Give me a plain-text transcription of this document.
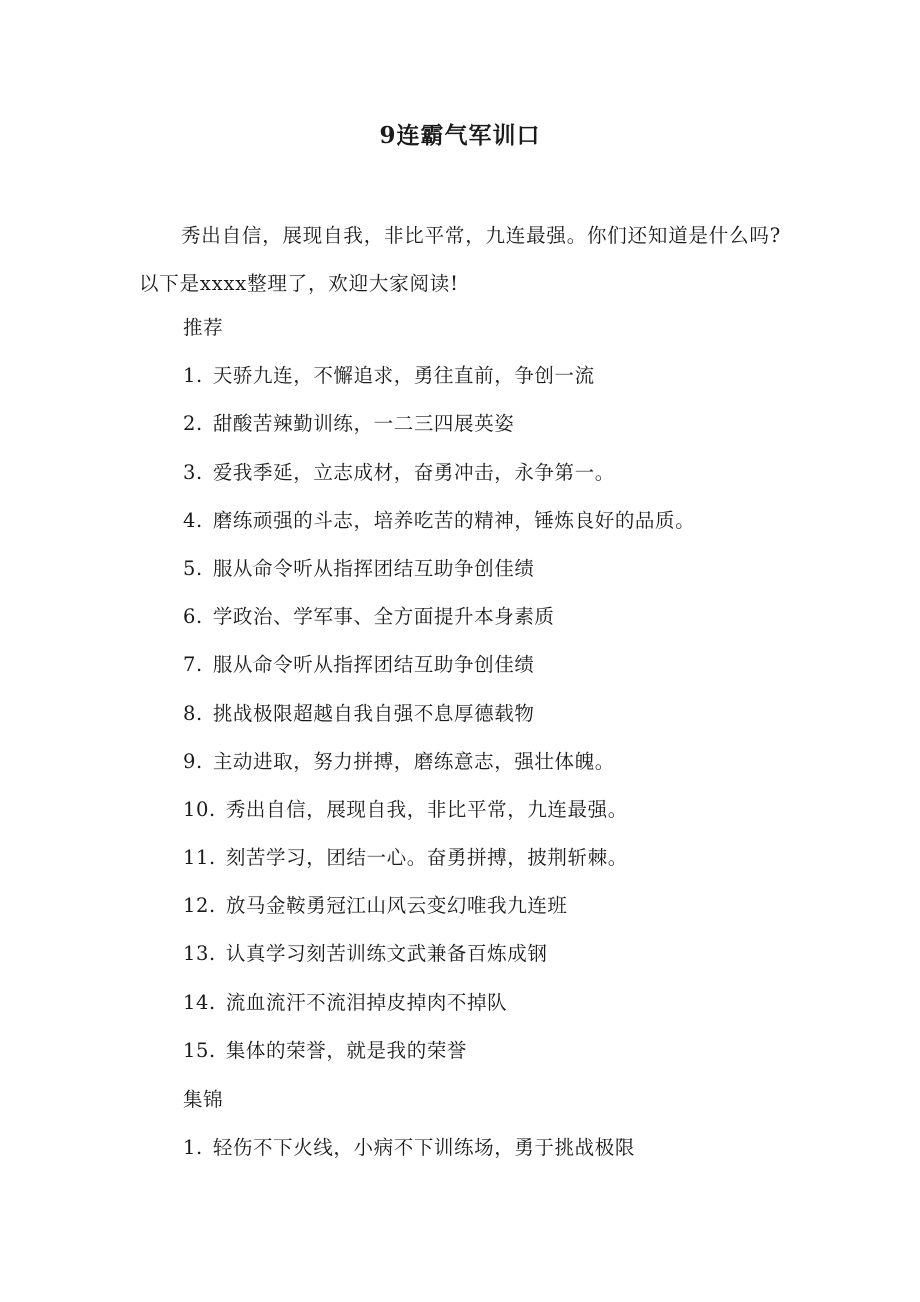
9连霸气军训口

秀出自信，展现自我，非比平常，九连最强。你们还知道是什么吗?以下是xxxx整理了，欢迎大家阅读!

推荐
1. 天骄九连，不懈追求，勇往直前，争创一流
2. 甜酸苦辣勤训练，一二三四展英姿
3. 爱我季延，立志成材，奋勇冲击，永争第一。
4. 磨练顽强的斗志，培养吃苦的精神，锤炼良好的品质。
5. 服从命令听从指挥团结互助争创佳绩
6. 学政治、学军事、全方面提升本身素质
7. 服从命令听从指挥团结互助争创佳绩
8. 挑战极限超越自我自强不息厚德载物
9. 主动进取，努力拼搏，磨练意志，强壮体魄。
10. 秀出自信，展现自我，非比平常，九连最强。
11. 刻苦学习，团结一心。奋勇拼搏，披荆斩棘。
12. 放马金鞍勇冠江山风云变幻唯我九连班
13. 认真学习刻苦训练文武兼备百炼成钢
14. 流血流汗不流泪掉皮掉肉不掉队
15. 集体的荣誉，就是我的荣誉
集锦
1. 轻伤不下火线，小病不下训练场，勇于挑战极限
